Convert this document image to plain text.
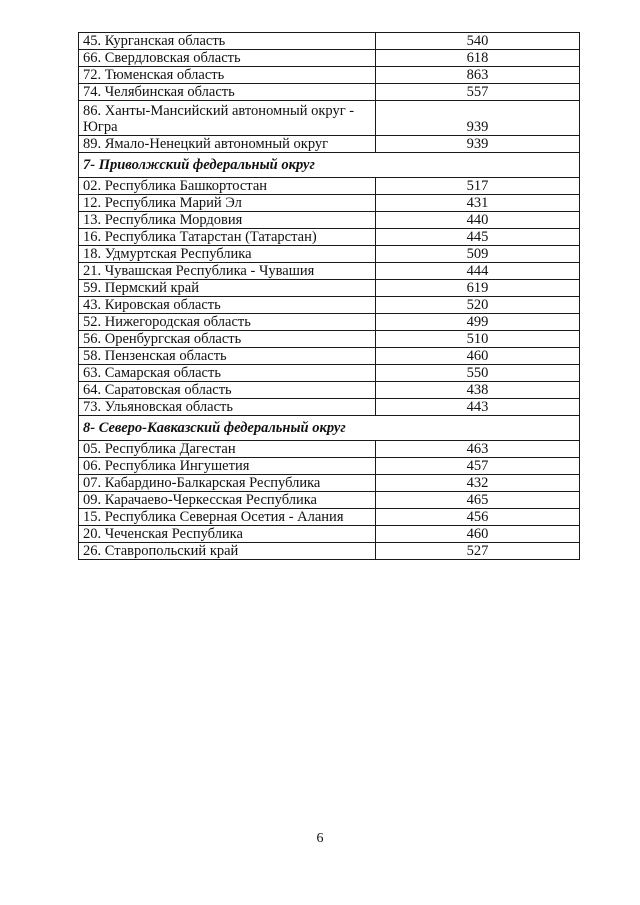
45. Курганская область	540
66. Свердловская область	618
72. Тюменская область	863
74. Челябинская область	557
86. Ханты-Мансийский автономный округ - Югра	939
89. Ямало-Ненецкий автономный округ	939
7- Приволжский федеральный округ	
02. Республика Башкортостан	517
12. Республика Марий Эл	431
13. Республика Мордовия	440
16. Республика Татарстан (Татарстан)	445
18. Удмуртская Республика	509
21. Чувашская Республика - Чувашия	444
59. Пермский край	619
43. Кировская область	520
52. Нижегородская область	499
56. Оренбургская область	510
58. Пензенская область	460
63. Самарская область	550
64. Саратовская область	438
73. Ульяновская область	443
8- Северо-Кавказский федеральный округ	
05. Республика Дагестан	463
06. Республика Ингушетия	457
07. Кабардино-Балкарская Республика	432
09. Карачаево-Черкесская Республика	465
15. Республика Северная Осетия - Алания	456
20. Чеченская Республика	460
26. Ставропольский край	527
6
